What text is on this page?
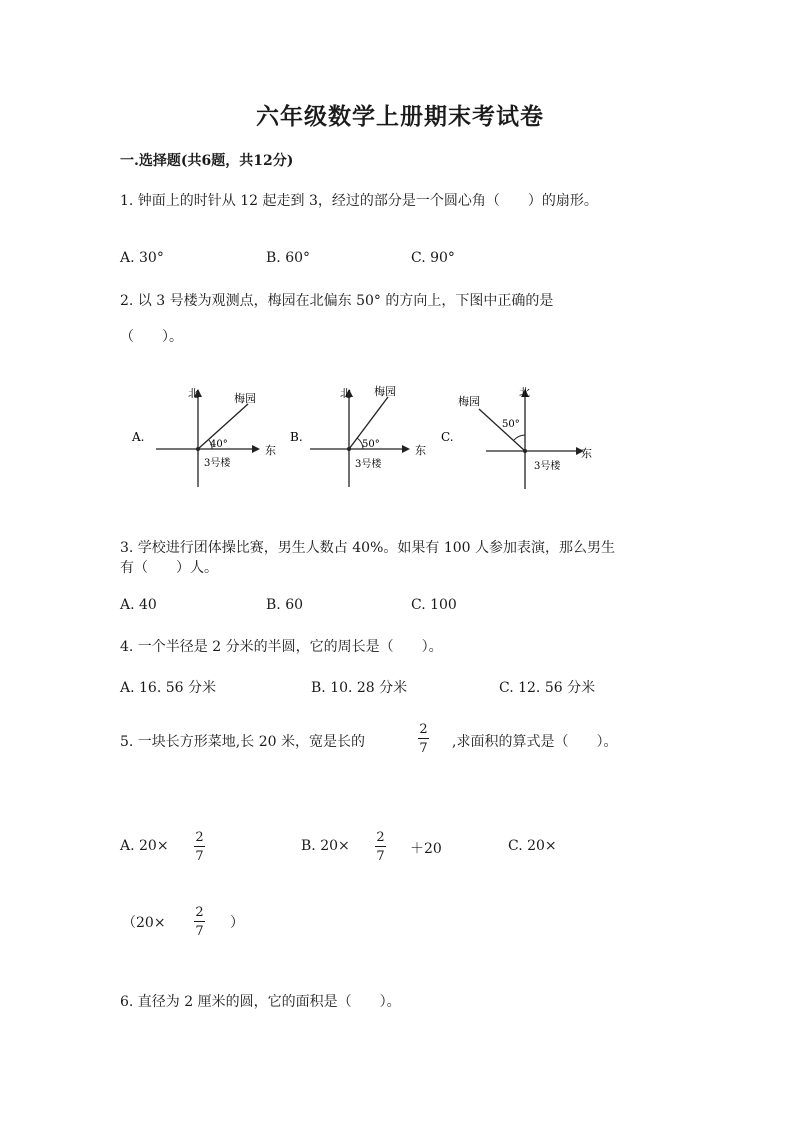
六年级数学上册期末考试卷
一.选择题(共6题，共12分)
1. 钟面上的时针从 12 起走到 3，经过的部分是一个圆心角（　　）的扇形。
A. 30°	B. 60°	C. 90°
2. 以 3 号楼为观测点，梅园在北偏东 50° 的方向上，下图中正确的是
（　　）。
A.
北
东
梅园
40°
3号楼
B.
北
东
梅园
50°
3号楼
C.
北
东
梅园
50°
3号楼
3. 学校进行团体操比赛，男生人数占 40%。如果有 100 人参加表演，那么男生
有（　　）人。
A. 40	B. 60	C. 100
4. 一个半径是 2 分米的半圆，它的周长是（　　）。
A. 16. 56 分米	B. 10. 28 分米	C. 12. 56 分米
5. 一块长方形菜地,长 20 米，宽是长的
2
7 ,求面积的算式是（　　）。
A. 20×
2
7
B. 20×
2
7 ＋20	C. 20×
（20×
2
7
）
6. 直径为 2 厘米的圆，它的面积是（　　）。
